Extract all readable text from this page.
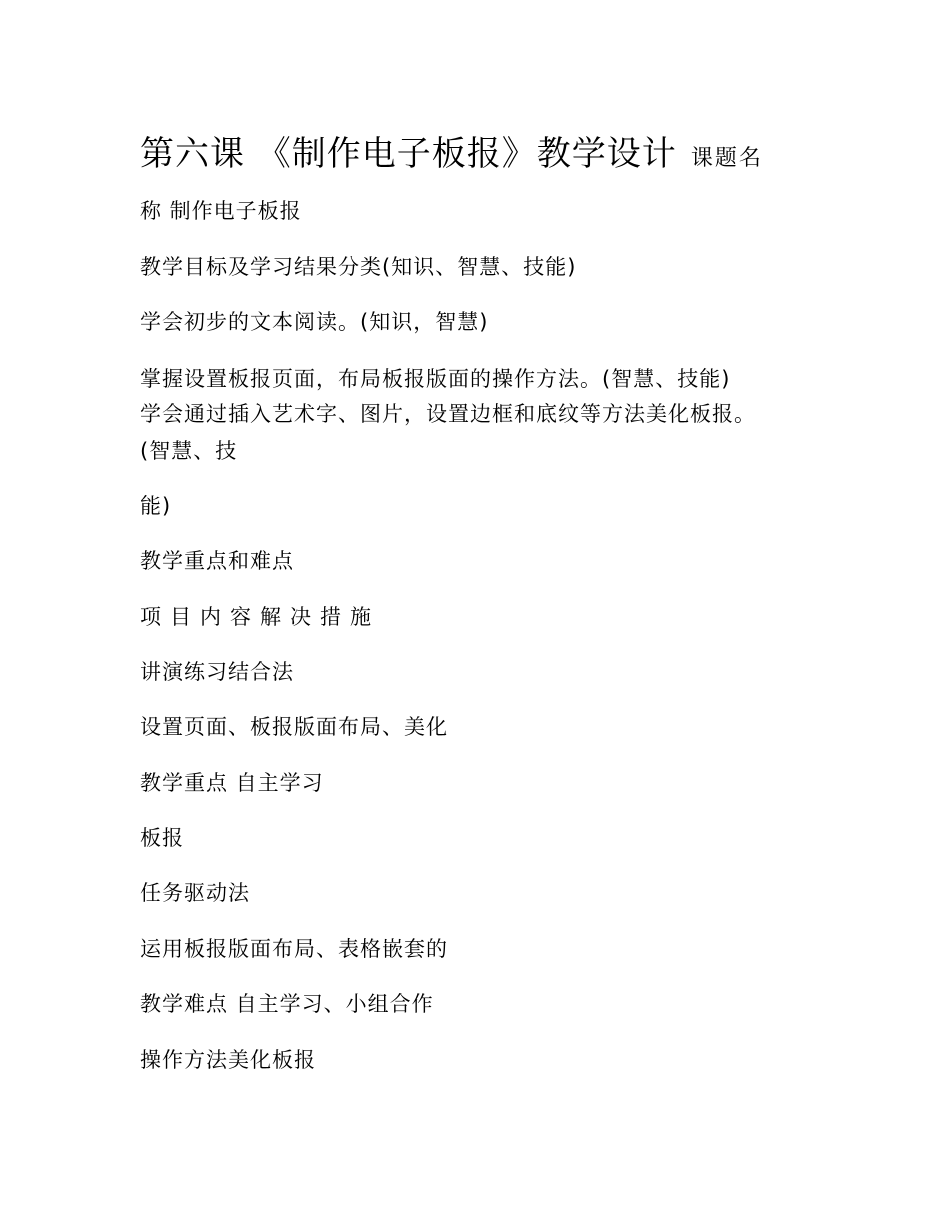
第六课 《制作电子板报》教学设计 课题名
称 制作电子板报
教学目标及学习结果分类(知识、智慧、技能)
学会初步的文本阅读。(知识，智慧)
掌握设置板报页面，布局板报版面的操作方法。(智慧、技能)
学会通过插入艺术字、图片，设置边框和底纹等方法美化板报。
(智慧、技
能)
教学重点和难点
项目内容解决措施
讲演练习结合法
设置页面、板报版面布局、美化
教学重点 自主学习
板报
任务驱动法
运用板报版面布局、表格嵌套的
教学难点 自主学习、小组合作
操作方法美化板报
